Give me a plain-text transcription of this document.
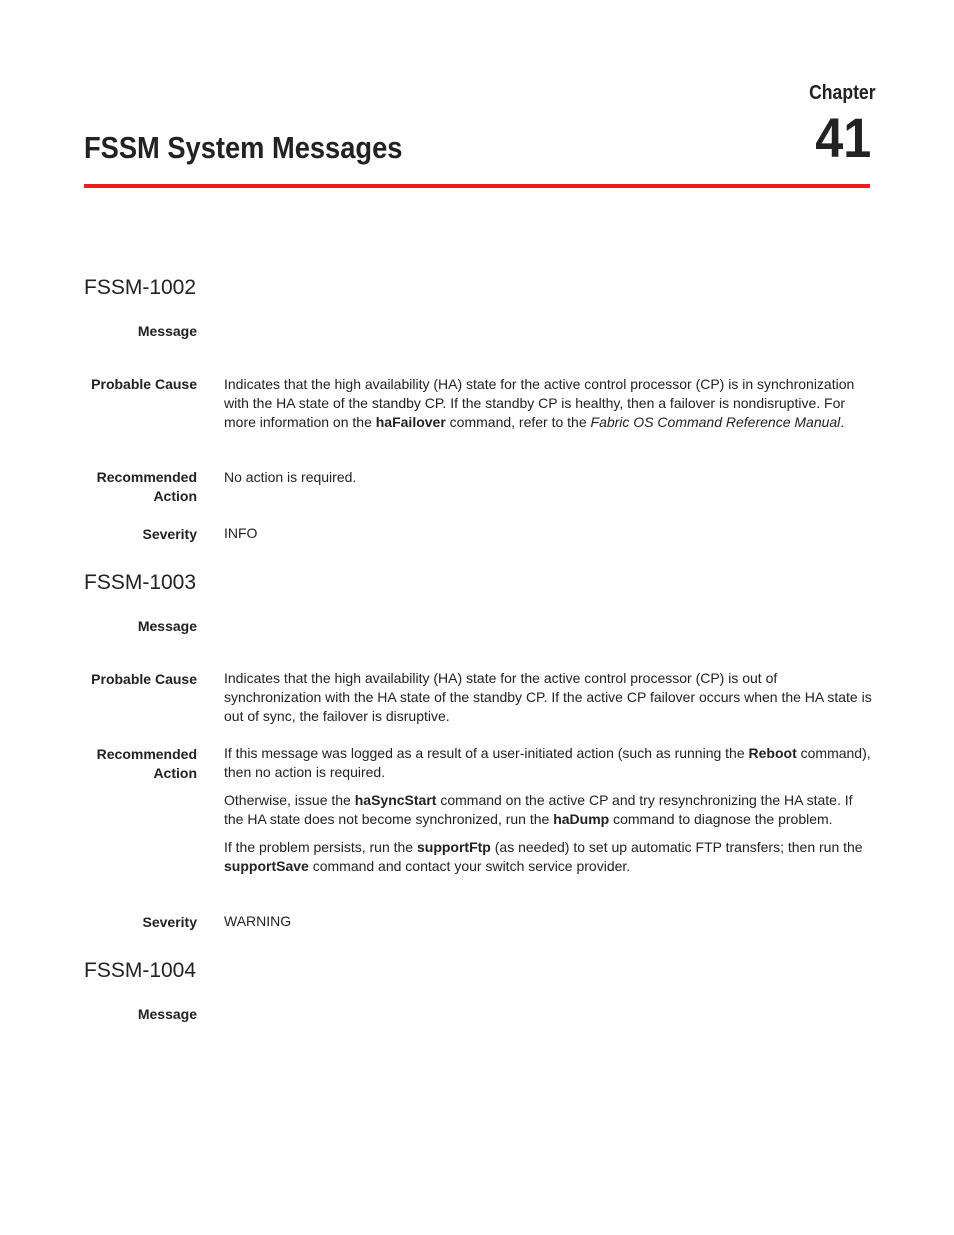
Chapter
41
FSSM System Messages
FSSM-1002
Message
Probable Cause Indicates that the high availability (HA) state for the active control processor (CP) is in synchronization with the HA state of the standby CP. If the standby CP is healthy, then a failover is nondisruptive. For more information on the haFailover command, refer to the Fabric OS Command Reference Manual.

Recommended
Action
No action is required.
Severity INFO
FSSM-1003
Message
Probable Cause Indicates that the high availability (HA) state for the active control processor (CP) is out of synchronization with the HA state of the standby CP. If the active CP failover occurs when the HA state is out of sync, the failover is disruptive.
Recommended
Action

If this message was logged as a result of a user-initiated action (such as running the Reboot command), then no action is required.

Otherwise, issue the haSyncStart command on the active CP and try resynchronizing the HA state. If the HA state does not become synchronized, run the haDump command to diagnose the problem.

If the problem persists, run the supportFtp (as needed) to set up automatic FTP transfers; then run the supportSave command and contact your switch service provider.

Severity WARNING
FSSM-1004
Message
